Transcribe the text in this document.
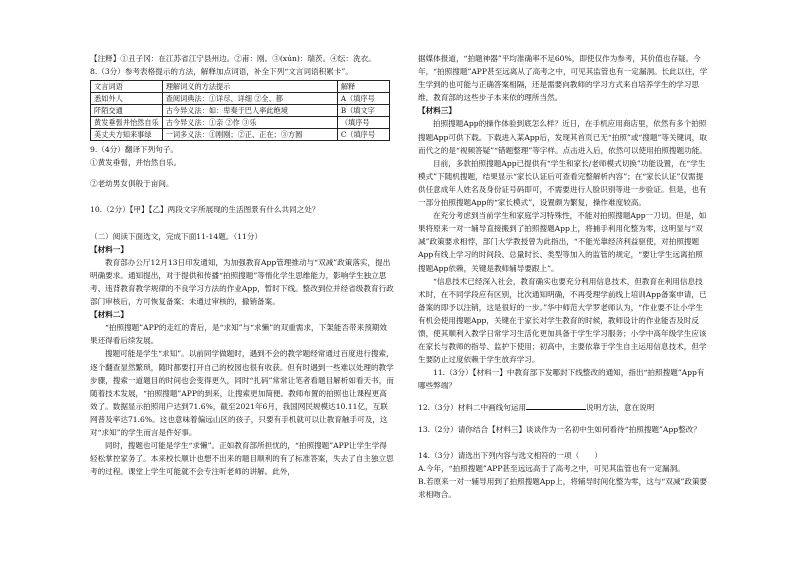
【注释】①丑子冈：在江苏省江宁县州边。②甫：刚。③(xún)：瑞茨。④纭：洗衣。

8.（3分）参考表格提示的方法，解释加点词语，补全下列“文言词语积累卡”。

文言词语	理解词义的方法提示	解释
悉如外人	查阅词典法：①详尽、详细 ②全、都	A（填序号
阡陌交通	古今异义法：如：卑奏于巴人率此绝境	B（填文字
黄发垂髫并怡然自乐	古今异义法：①亲 ②作 ③乐	（填序号
美丈夫方知来事绿	一词多义法：①刚刚；②正、正在；③方圆	C（填序号

9.（4分）翻译下列句子。

①黄发垂髫，并怡然自乐。

②老幼男女俱般于亩间。

10.（2分）【甲】【乙】两段文字所展现的生活图景有什么共同之处？

（二）阅读下面选文，完成下面11-14题。（11分）

【材料一】

教育部办公厅12月13日印发通知，为加强教育App管理推动与“双减”政策落实，提出明确要求。通知提出，对于提供和传播“拍照搜题”等惰化学生思维能力，影响学生独立思考、违背教育教学规律的不良学习方法的作业App，暂时下线。整改到位并经省级教育行政部门审核后，方可恢复备案；未通过审核的，撤销备案。

【材料二】

“拍照搜题”APP的走红的背后，是“求知”与“求懒”的双重需求，下架能否带来预期效果还得看后续发展。

搜题可能是学生“求知”。以前同学做题时，遇到不会的教学题经常通过百度进行搜索，逐个翻查显然繁琐，随时都要打开自己的校园也很有收获。但有时遇到一些难以处理的教学步骤，搜索一道题目的时间也会变得更久，同时“扎码”常常让笔者看题目解析如看天书，而随着技术发展，“拍照搜题”APP的到来，让搜索更加简便。教师布置的拍照也让课程更高效了。数据显示拍照用户达到71.6%，截至2021年6月，我国网民规模达10.11亿，互联网普及率达71.6%。这也意味着偏远山区的孩子，只要有手机就可以让教育触手可及，这对“求知”的学生而言是件好事。

同时，搜题也可能是学生“求懒”。正如教育部所担忧的，“拍照搜题”APP让学生学得轻松掌控家务了。本来校长顺计也想不出来的题目顺利的有了标准答案，失去了自主独立思考的过程。课堂上学生可能就不会专注听老师的讲解。此外，

据媒体报道，“拍题神器”平均准确率不足60%，即使仅作为参考，其价值也存疑。今年，“拍照搜题”APP甚至远离从了高考之中，可见其监管也有一定漏洞。长此以往，学生学到的也可能与正确答案相隔，还是需要向教师的学习方式来自培养学生的学习思维，教育部的这些步子本来依的理所当然。

【材料三】

拍照搜题App的操作体验到底怎么样？近日，在手机应用商店里，依然有多个拍照搜题App可供下载。下载进入某App后，发现其首页已无“拍照”或“搜题”等关键词，取而代之的是“视频答疑”“错题整理”等字样。点击进入后，依然可以使用拍照搜题功能。

目前，多款拍照搜题App已提供有“学生和家长/老师模式切换”功能设置，在“学生模式”下随机搜题，结果显示“家长认证后可查看完整解析内容”；在“家长认证”仅需提供任意成年人姓名及身份证号码即可，不需要进行人脸识别等进一步验证。但是，也有一部分拍照搜题App的“家长模式”，设置颇为繁复，操作难度较高。

在充分考虑到当前学生和家庭学习特殊性，不能对拍照搜题App一刀切。但是，如果将原来一对一辅导直接搬到了拍照搜题App上，将捕手利用化整为零，这明显与“双减”政策要求相悖，部门大学教授曾为此指出，“不能光靠经济利益驱使，对拍照搜题App有线上学习的时间段、总量时长、类型等加入的监管的规定，“要让学生远离拍照搜题App依赖，关键是教师辅导要跟上”。

“信息技术已经深入社会，教育确实也要充分利用信息技术，但教育在利用信息技术时，在不同学段应有区别，比次通知明确，不再受理学前线上培训App备案申请，已备案的即予以注销，这是很好的一步。”华中师范大学罗老师认为，“作业要不让小学生有机会使用搜题App，关键在于家长对学生教育的时候，教师设计的作业能否及时反馈，使其顺利入教学日常学习生活化更加具备于学生学习服务；小学中高年级学生应该在家长与教师的指导、监护下使用；初高中，主要依靠于学生自主运用信息技术，但学生要防止过度依赖于学生放弃学习。

11.（3分）【材料一】中教育部下发哪封下线整改的通知，指出“拍照搜题”App有哪些弊端？

12.（3分）材料二中画线句运用	说明方法，意在说明

13.（2分）请你结合【材料三】谈谈作为一名初中生如何看待“拍照搜题”App整改？

14.（3分）请选出下列内容与选文相符的一项（　　）

A.今年，“拍照搜题”APP甚至远远高于了高考之中，可见其监管也有一定漏洞。

B.若原来一对一辅导用到了拍照搜题App上，将辅导时间化整为零，这与“双减”政策要求相吻合。
